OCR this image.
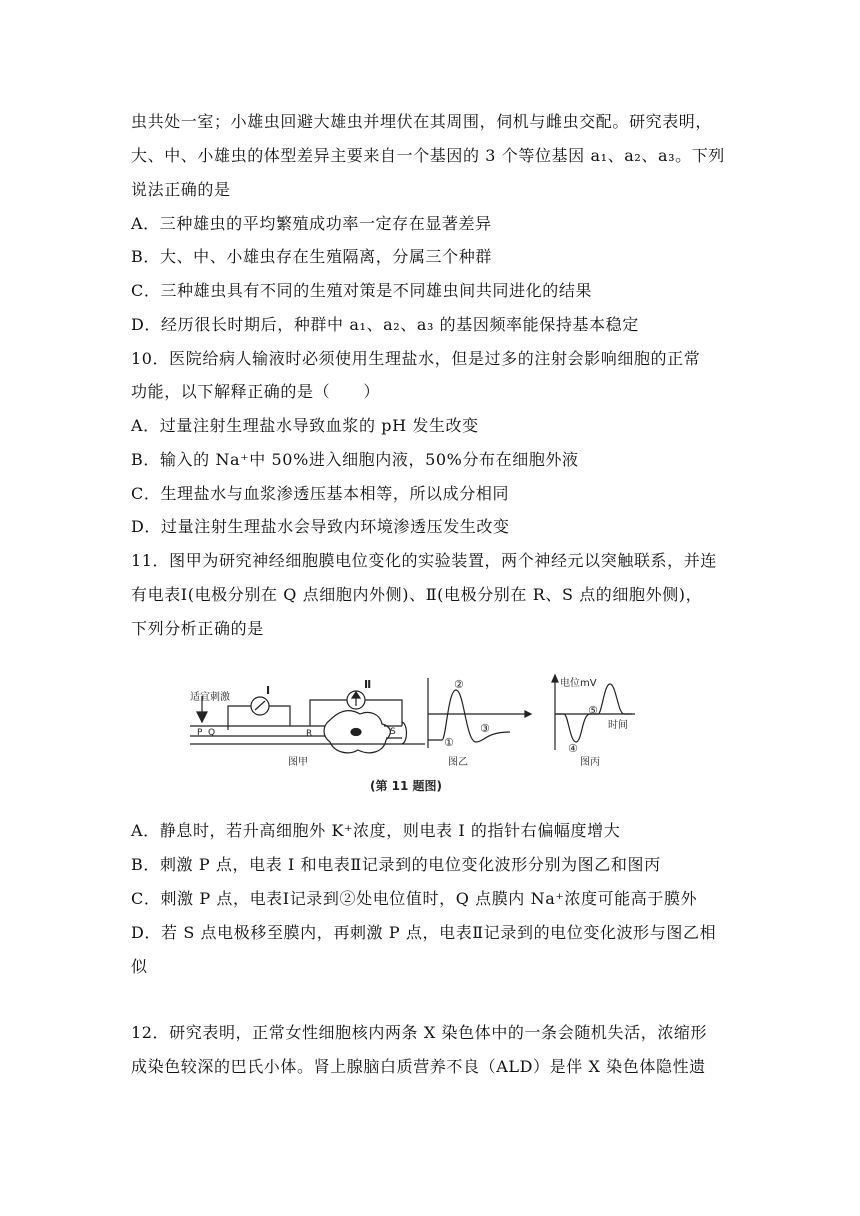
虫共处一室；小雄虫回避大雄虫并埋伏在其周围，伺机与雌虫交配。研究表明，
大、中、小雄虫的体型差异主要来自一个基因的 3 个等位基因 a₁、a₂、a₃。下列
说法正确的是
A．三种雄虫的平均繁殖成功率一定存在显著差异
B．大、中、小雄虫存在生殖隔离，分属三个种群
C．三种雄虫具有不同的生殖对策是不同雄虫间共同进化的结果
D．经历很长时期后，种群中 a₁、a₂、a₃ 的基因频率能保持基本稳定
10．医院给病人输液时必须使用生理盐水，但是过多的注射会影响细胞的正常
功能，以下解释正确的是（　　）
A．过量注射生理盐水导致血浆的 pH 发生改变
B．输入的 Na⁺中 50%进入细胞内液，50%分布在细胞外液
C．生理盐水与血浆渗透压基本相等，所以成分相同
D．过量注射生理盐水会导致内环境渗透压发生改变
11．图甲为研究神经细胞膜电位变化的实验装置，两个神经元以突触联系，并连
有电表Ⅰ(电极分别在 Q 点细胞内外侧)、Ⅱ(电极分别在 R、S 点的细胞外侧)，
下列分析正确的是
适宜刺激
I	Ⅱ
P Q	R	S
图甲
①
②
③
图乙
电位mV
时间
④
⑤
图丙
(第 11 题图)
A．静息时，若升高细胞外 K⁺浓度，则电表 I 的指针右偏幅度增大
B．刺激 P 点，电表 I 和电表Ⅱ记录到的电位变化波形分别为图乙和图丙
C．刺激 P 点，电表Ⅰ记录到②处电位值时，Q 点膜内 Na⁺浓度可能高于膜外
D．若 S 点电极移至膜内，再刺激 P 点，电表Ⅱ记录到的电位变化波形与图乙相
似
12．研究表明，正常女性细胞核内两条 X 染色体中的一条会随机失活，浓缩形
成染色较深的巴氏小体。肾上腺脑白质营养不良（ALD）是伴 X 染色体隐性遗
